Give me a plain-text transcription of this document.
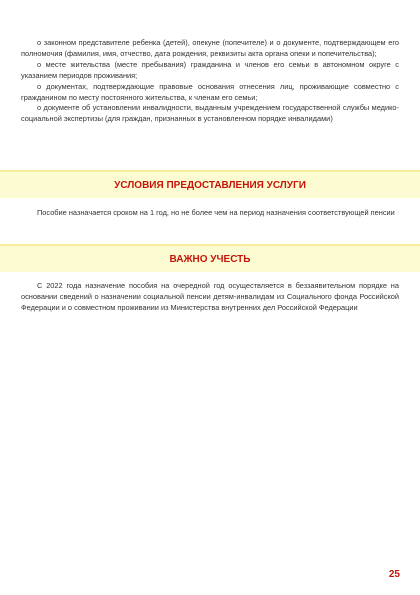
о законном представителе ребенка (детей), опекуне (попечителе) и о документе, подтверждающем его полномочия (фамилия, имя, отчество, дата рождения, реквизиты акта органа опеки и попечительства);

о месте жительства (месте пребывания) гражданина и членов его семьи в автономном округе с указанием периодов проживания;

о документах, подтверждающие правовые основания отнесения лиц, проживающие совместно с гражданином по месту постоянного жительства, к членам его семьи;

о документе об установлении инвалидности, выданным учреждением государственной службы медико-социальной экспертизы (для граждан, признанных в установленном порядке инвалидами)

УСЛОВИЯ ПРЕДОСТАВЛЕНИЯ УСЛУГИ

Пособие назначается сроком на 1 год, но не более чем на период назначения соответствующей пенсии

ВАЖНО УЧЕСТЬ

С 2022 года назначение пособия на очередной год осуществляется в беззаявительном порядке на основании сведений о назначении социальной пенсии детям-инвалидам из Социального фонда Российской Федерации и о совместном проживании из Министерства внутренних дел Российской Федерации

25
